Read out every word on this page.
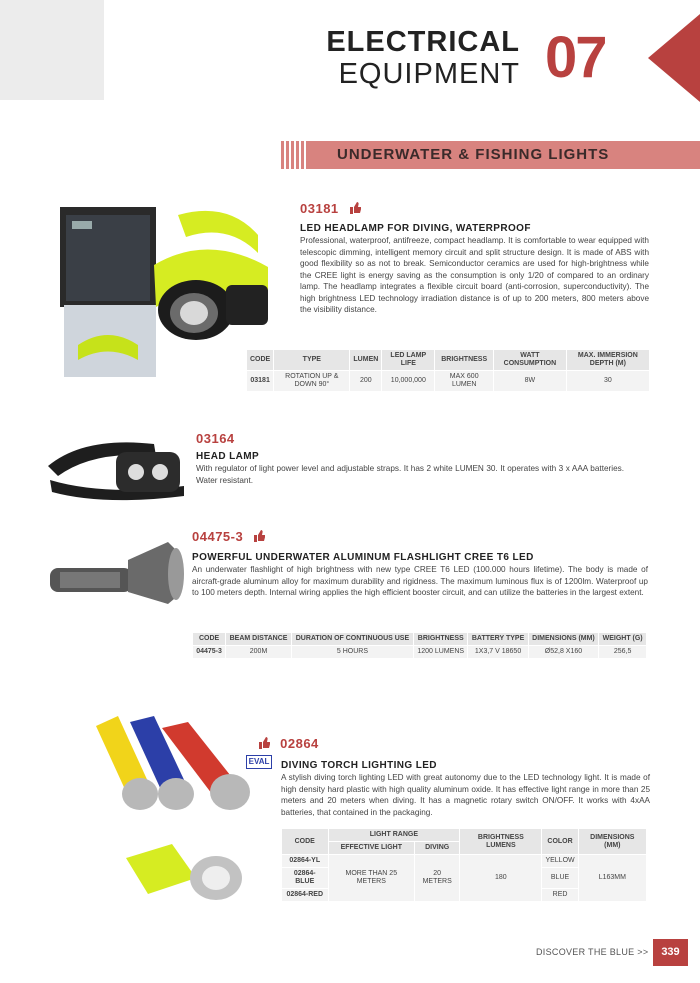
ELECTRICAL
EQUIPMENT 07
UNDERWATER & FISHING LIGHTS
03181
LED HEADLAMP FOR DIVING, WATERPROOF
Professional, waterproof, antifreeze, compact headlamp. It is comfortable to wear equipped with telescopic dimming, intelligent memory circuit and split structure design. It is made of ABS with good flexibility so as not to break. Semiconductor ceramics are used for high-brightness while the CREE light is energy saving as the consumption is only 1/20 of compared to an ordinary lamp. The headlamp integrates a flexible circuit board (anti-corrosion, superconductivity). The high brightness LED technology irradiation distance is of up to 200 meters, 800 meters above the visibility distance.
CODE	TYPE	LUMEN	LED LAMP LIFE	BRIGHTNESS	WATT CONSUMPTION	MAX. IMMERSION DEPTH (M)
03181	ROTATION UP & DOWN 90°	200	10,000,000	MAX 600 LUMEN	8W	30
03164
HEAD LAMP
With regulator of light power level and adjustable straps. It has 2 white LUMEN 30. It operates with 3 x AAA batteries. Water resistant.
04475-3
POWERFUL UNDERWATER ALUMINUM FLASHLIGHT CREE T6 LED
An underwater flashlight of high brightness with new type CREE T6 LED (100.000 hours lifetime). The body is made of aircraft-grade aluminum alloy for maximum durability and rigidness. The maximum luminous flux is of 1200lm. Waterproof up to 100 meters depth. Internal wiring applies the high efficient booster circuit, and can utilize the batteries in the largest extent.
CODE	BEAM DISTANCE	DURATION OF CONTINUOUS USE	BRIGHTNESS	BATTERY TYPE	DIMENSIONS (MM)	WEIGHT (G)
04475-3	200M	5 HOURS	1200 LUMENS	1X3,7 V 18650	Ø52,8 X160	256,5
EVAL
02864
DIVING TORCH LIGHTING LED
A stylish diving torch lighting LED with great autonomy due to the LED technology light. It is made of high density hard plastic with high quality aluminum oxide. It has effective light range in more than 25 meters and 20 meters when diving. It has a magnetic rotary switch ON/OFF. It works with 4xAA batteries, that contained in the packaging.
CODE	LIGHT RANGE		BRIGHTNESS LUMENS	COLOR	DIMENSIONS (MM)
	EFFECTIVE LIGHT	DIVING			
02864-YL	MORE THAN 25 METERS	20 METERS	180	YELLOW	L163MM
02864-BLUE				BLUE	
02864-RED				RED	
DISCOVER THE BLUE >>	339
